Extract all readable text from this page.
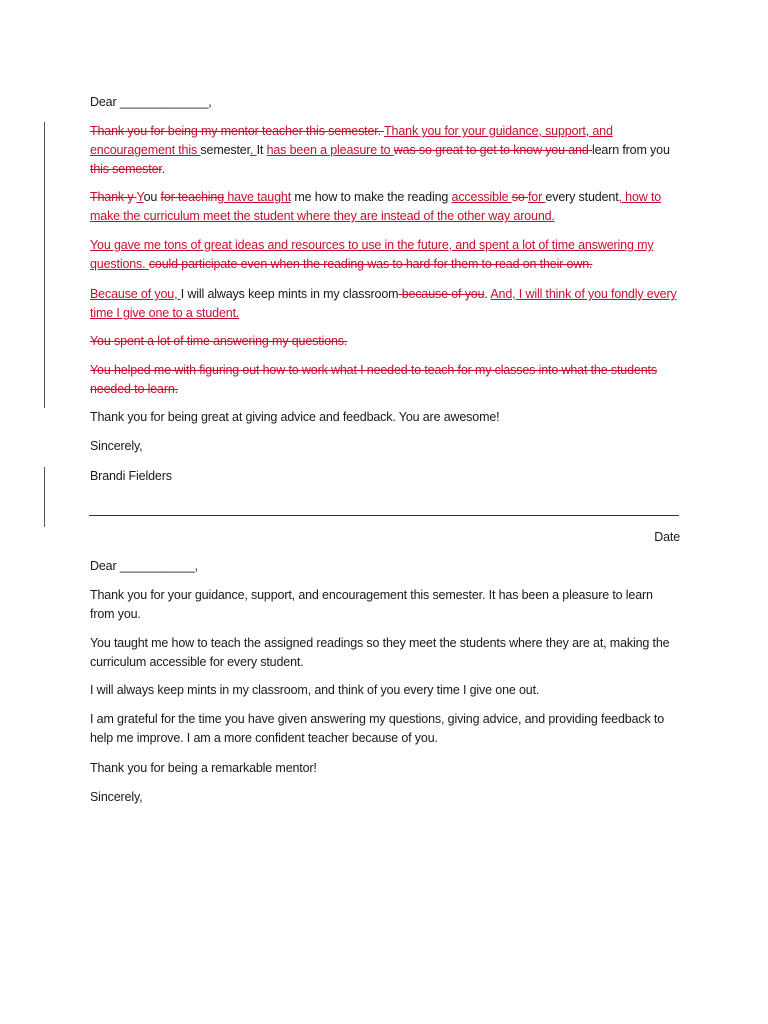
Dear _____________,

Thank you for being my mentor teacher this semester. Thank you for your guidance, support, and encouragement this semester. It has been a pleasure to was so great to get to know you and learn from you this semester.

Thank y You for teaching have taught me how to make the reading accessible so for every student, how to make the curriculum meet the student where they are instead of the other way around.

You gave me tons of great ideas and resources to use in the future, and spent a lot of time answering my questions. could participate even when the reading was to hard for them to read on their own.

Because of you, I will always keep mints in my classroom because of you. And, I will think of you fondly every time I give one to a student.

You spent a lot of time answering my questions.

You helped me with figuring out how to work what I needed to teach for my classes into what the students needed to learn.

Thank you for being great at giving advice and feedback. You are awesome!

Sincerely,

Brandi Fielders

Date

Dear ___________,

Thank you for your guidance, support, and encouragement this semester. It has been a pleasure to learn from you.

You taught me how to teach the assigned readings so they meet the students where they are at, making the curriculum accessible for every student.

I will always keep mints in my classroom, and think of you every time I give one out.

I am grateful for the time you have given answering my questions, giving advice, and providing feedback to help me improve. I am a more confident teacher because of you.

Thank you for being a remarkable mentor!

Sincerely,
